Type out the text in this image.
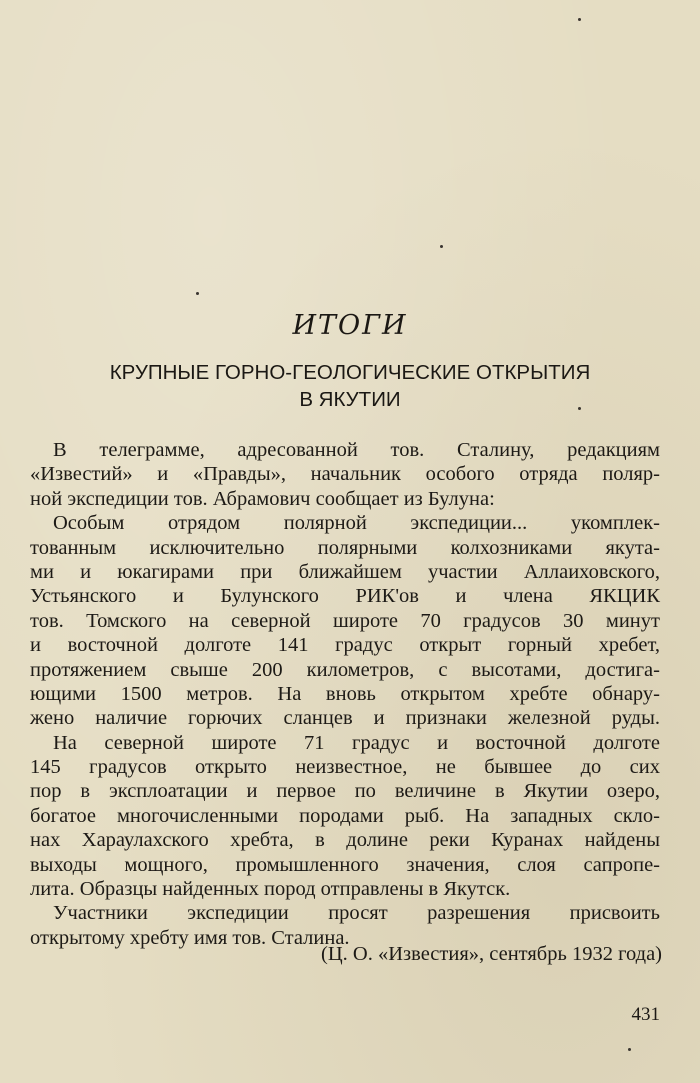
ИТОГИ
КРУПНЫЕ ГОРНО-ГЕОЛОГИЧЕСКИЕ ОТКРЫТИЯ
В ЯКУТИИ
В телеграмме, адресованной тов. Сталину, редакциям
«Известий» и «Правды», начальник особого отряда поляр-
ной экспедиции тов. Абрамович сообщает из Булуна:
Особым отрядом полярной экспедиции... укомплек-
тованным исключительно полярными колхозниками якута-
ми и юкагирами при ближайшем участии Аллаиховского,
Устьянского и Булунского РИК'ов и члена ЯКЦИК
тов. Томского на северной широте 70 градусов 30 минут
и восточной долготе 141 градус открыт горный хребет,
протяжением свыше 200 километров, с высотами, достига-
ющими 1500 метров. На вновь открытом хребте обнару-
жено наличие горючих сланцев и признаки железной руды.
На северной широте 71 градус и восточной долготе
145 градусов открыто неизвестное, не бывшее до сих
пор в эксплоатации и первое по величине в Якутии озеро,
богатое многочисленными породами рыб. На западных скло-
нах Хараулахского хребта, в долине реки Куранах найдены
выходы мощного, промышленного значения, слоя сапропе-
лита. Образцы найденных пород отправлены в Якутск.
Участники экспедиции просят разрешения присвоить
открытому хребту имя тов. Сталина.
(Ц. О. «Известия», сентябрь 1932 года)
431
